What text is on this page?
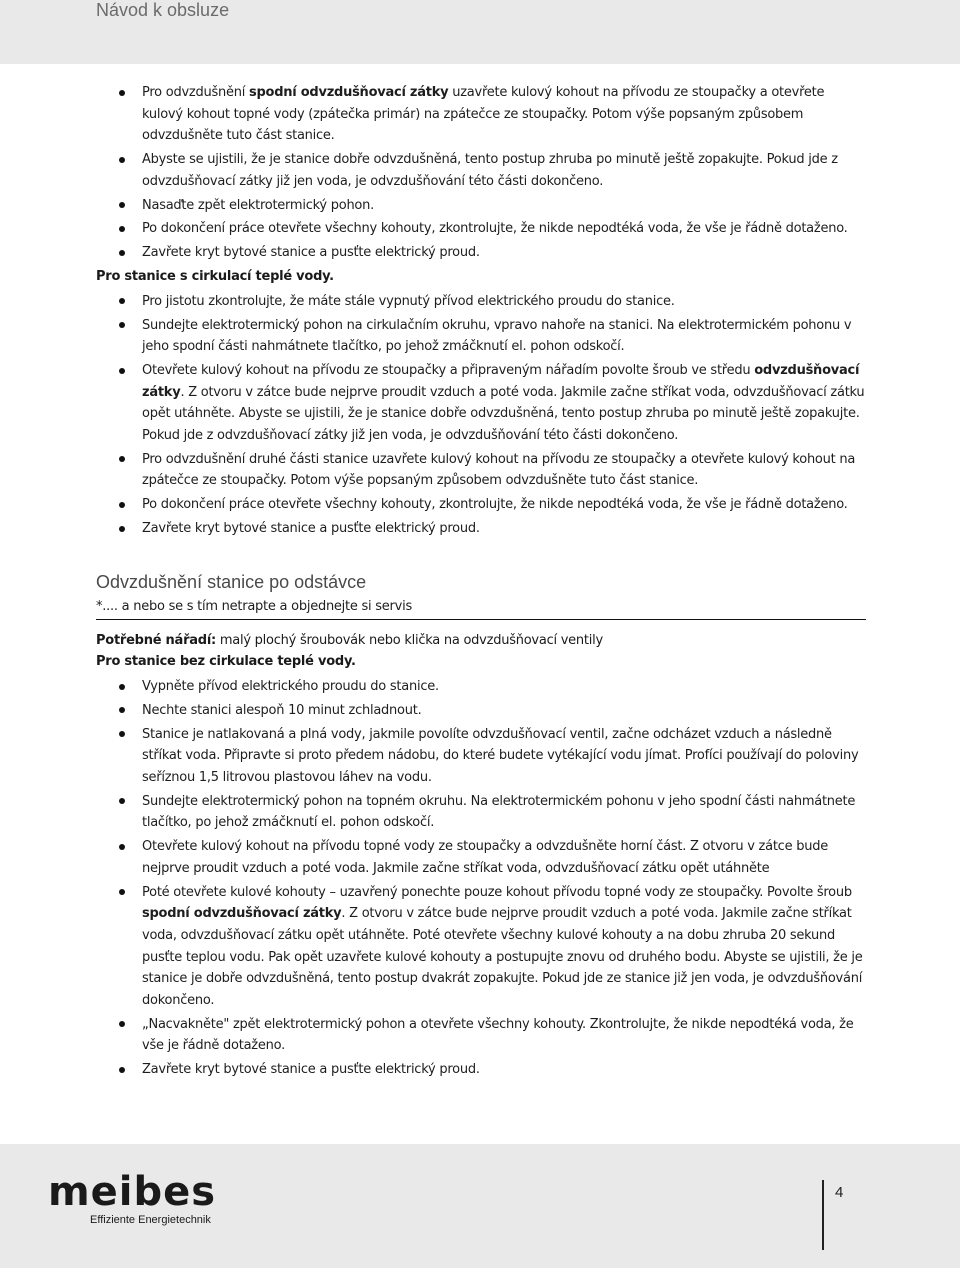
Návod k obsluze
Pro odvzdušnění spodní odvzdušňovací zátky uzavřete kulový kohout na přívodu ze stoupačky a otevřete kulový kohout topné vody (zpátečka primár) na zpátečce ze stoupačky. Potom výše popsaným způsobem odvzdušněte tuto část stanice.
Abyste se ujistili, že je stanice dobře odvzdušněná, tento postup zhruba po minutě ještě zopakujte. Pokud jde z odvzdušňovací zátky již jen voda, je odvzdušňování této části dokončeno.
Nasaďte zpět elektrotermický pohon.
Po dokončení práce otevřete všechny kohouty, zkontrolujte, že nikde nepodtéká voda, že vše je řádně dotaženo.
Zavřete kryt bytové stanice a pusťte elektrický proud.
Pro stanice s cirkulací teplé vody.
Pro jistotu zkontrolujte, že máte stále vypnutý přívod elektrického proudu do stanice.
Sundejte elektrotermický pohon na cirkulačním okruhu, vpravo nahoře na stanici. Na elektrotermickém pohonu v jeho spodní části nahmátnete tlačítko, po jehož zmáčknutí el. pohon odskočí.
Otevřete kulový kohout na přívodu ze stoupačky a připraveným nářadím povolte šroub ve středu odvzdušňovací zátky. Z otvoru v zátce bude nejprve proudit vzduch a poté voda. Jakmile začne stříkat voda, odvzdušňovací zátku opět utáhněte. Abyste se ujistili, že je stanice dobře odvzdušněná, tento postup zhruba po minutě ještě zopakujte. Pokud jde z odvzdušňovací zátky již jen voda, je odvzdušňování této části dokončeno.
Pro odvzdušnění druhé části stanice uzavřete kulový kohout na přívodu ze stoupačky a otevřete kulový kohout na zpátečce ze stoupačky. Potom výše popsaným způsobem odvzdušněte tuto část stanice.
Po dokončení práce otevřete všechny kohouty, zkontrolujte, že nikde nepodtéká voda, že vše je řádně dotaženo.
Zavřete kryt bytové stanice a pusťte elektrický proud.
Odvzdušnění stanice po odstávce
*.... a nebo se s tím netrapte a objednejte si servis
Potřebné nářadí: malý plochý šroubovák nebo klička na odvzdušňovací ventily
Pro stanice bez cirkulace teplé vody.
Vypněte přívod elektrického proudu do stanice.
Nechte stanici alespoň 10 minut zchladnout.
Stanice je natlakovaná a plná vody, jakmile povolíte odvzdušňovací ventil, začne odcházet vzduch a následně stříkat voda. Připravte si proto předem nádobu, do které budete vytékající vodu jímat. Profíci používají do poloviny seříznou 1,5 litrovou plastovou láhev na vodu.
Sundejte elektrotermický pohon na topném okruhu. Na elektrotermickém pohonu v jeho spodní části nahmátnete tlačítko, po jehož zmáčknutí el. pohon odskočí.
Otevřete kulový kohout na přívodu topné vody ze stoupačky a odvzdušněte horní část. Z otvoru v zátce bude nejprve proudit vzduch a poté voda. Jakmile začne stříkat voda, odvzdušňovací zátku opět utáhněte
Poté otevřete kulové kohouty – uzavřený ponechte pouze kohout přívodu topné vody ze stoupačky. Povolte šroub spodní odvzdušňovací zátky. Z otvoru v zátce bude nejprve proudit vzduch a poté voda. Jakmile začne stříkat voda, odvzdušňovací zátku opět utáhněte. Poté otevřete všechny kulové kohouty a na dobu zhruba 20 sekund pusťte teplou vodu. Pak opět uzavřete kulové kohouty a postupujte znovu od druhého bodu. Abyste se ujistili, že je stanice je dobře odvzdušněná, tento postup dvakrát zopakujte. Pokud jde ze stanice již jen voda, je odvzdušňování dokončeno.
„Nacvakněte" zpět elektrotermický pohon a otevřete všechny kohouty. Zkontrolujte, že nikde nepodtéká voda, že vše je řádně dotaženo.
Zavřete kryt bytové stanice a pusťte elektrický proud.
meibes
Effiziente Energietechnik
4
